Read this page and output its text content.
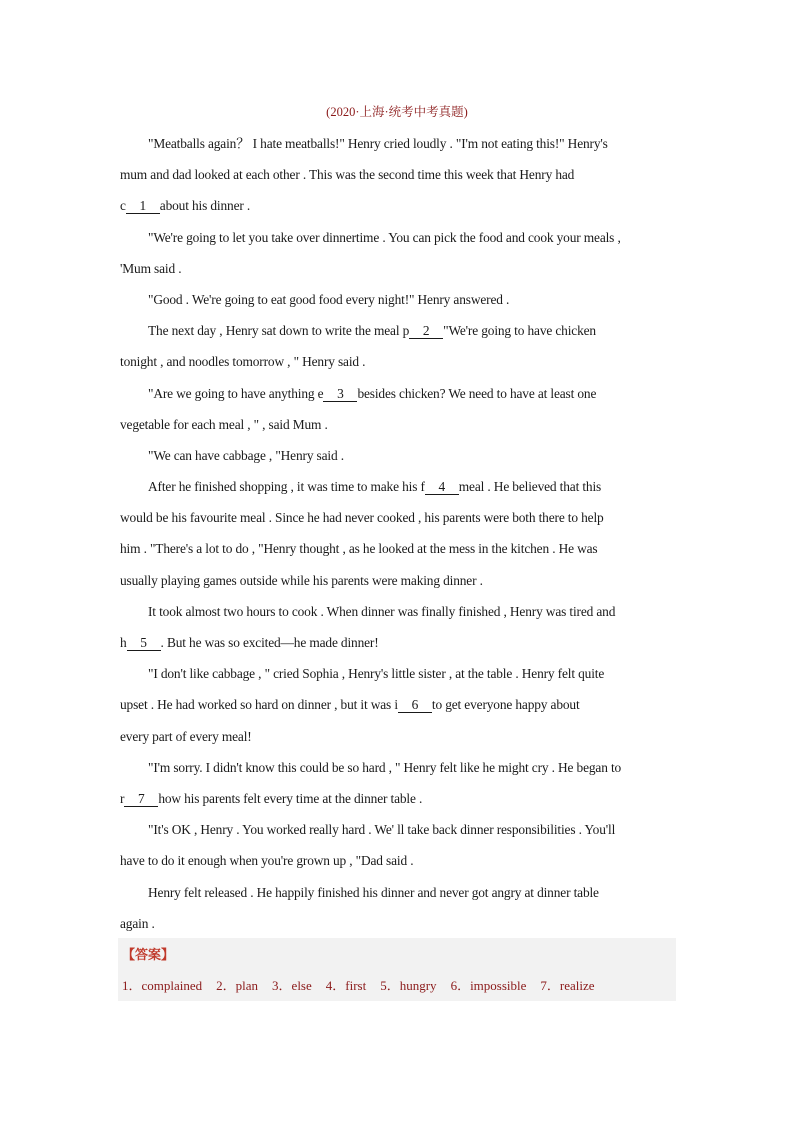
(2020·上海·统考中考真题)
"Meatballs again？ I hate meatballs!" Henry cried loudly . "I'm not eating this!" Henry's
mum and dad looked at each other . This was the second time this week that Henry had
c 1 about his dinner .
"We're going to let you take over dinnertime . You can pick the food and cook your meals ,
'Mum said .
"Good . We're going to eat good food every night!" Henry answered .
The next day , Henry sat down to write the meal p 2 "We're going to have chicken
tonight , and noodles tomorrow , " Henry said .
"Are we going to have anything e 3 besides chicken? We need to have at least one
vegetable for each meal , " , said Mum .
"We can have cabbage , "Henry said .
After he finished shopping , it was time to make his f 4 meal . He believed that this
would be his favourite meal . Since he had never cooked , his parents were both there to help
him . "There's a lot to do , "Henry thought , as he looked at the mess in the kitchen . He was
usually playing games outside while his parents were making dinner .
It took almost two hours to cook . When dinner was finally finished , Henry was tired and
h 5 . But he was so excited—he made dinner!
"I don't like cabbage , " cried Sophia , Henry's little sister , at the table . Henry felt quite
upset . He had worked so hard on dinner , but it was i 6 to get everyone happy about
every part of every meal!
"I'm sorry. I didn't know this could be so hard , " Henry felt like he might cry . He began to
r 7 how his parents felt every time at the dinner table .
"It's OK , Henry . You worked really hard . We' ll take back dinner responsibilities . You'll
have to do it enough when you're grown up , "Dad said .
Henry felt released . He happily finished his dinner and never got angry at dinner table
again .
【答案】
1．complained 2．plan 3．else 4．first 5．hungry 6．impossible 7．realize
